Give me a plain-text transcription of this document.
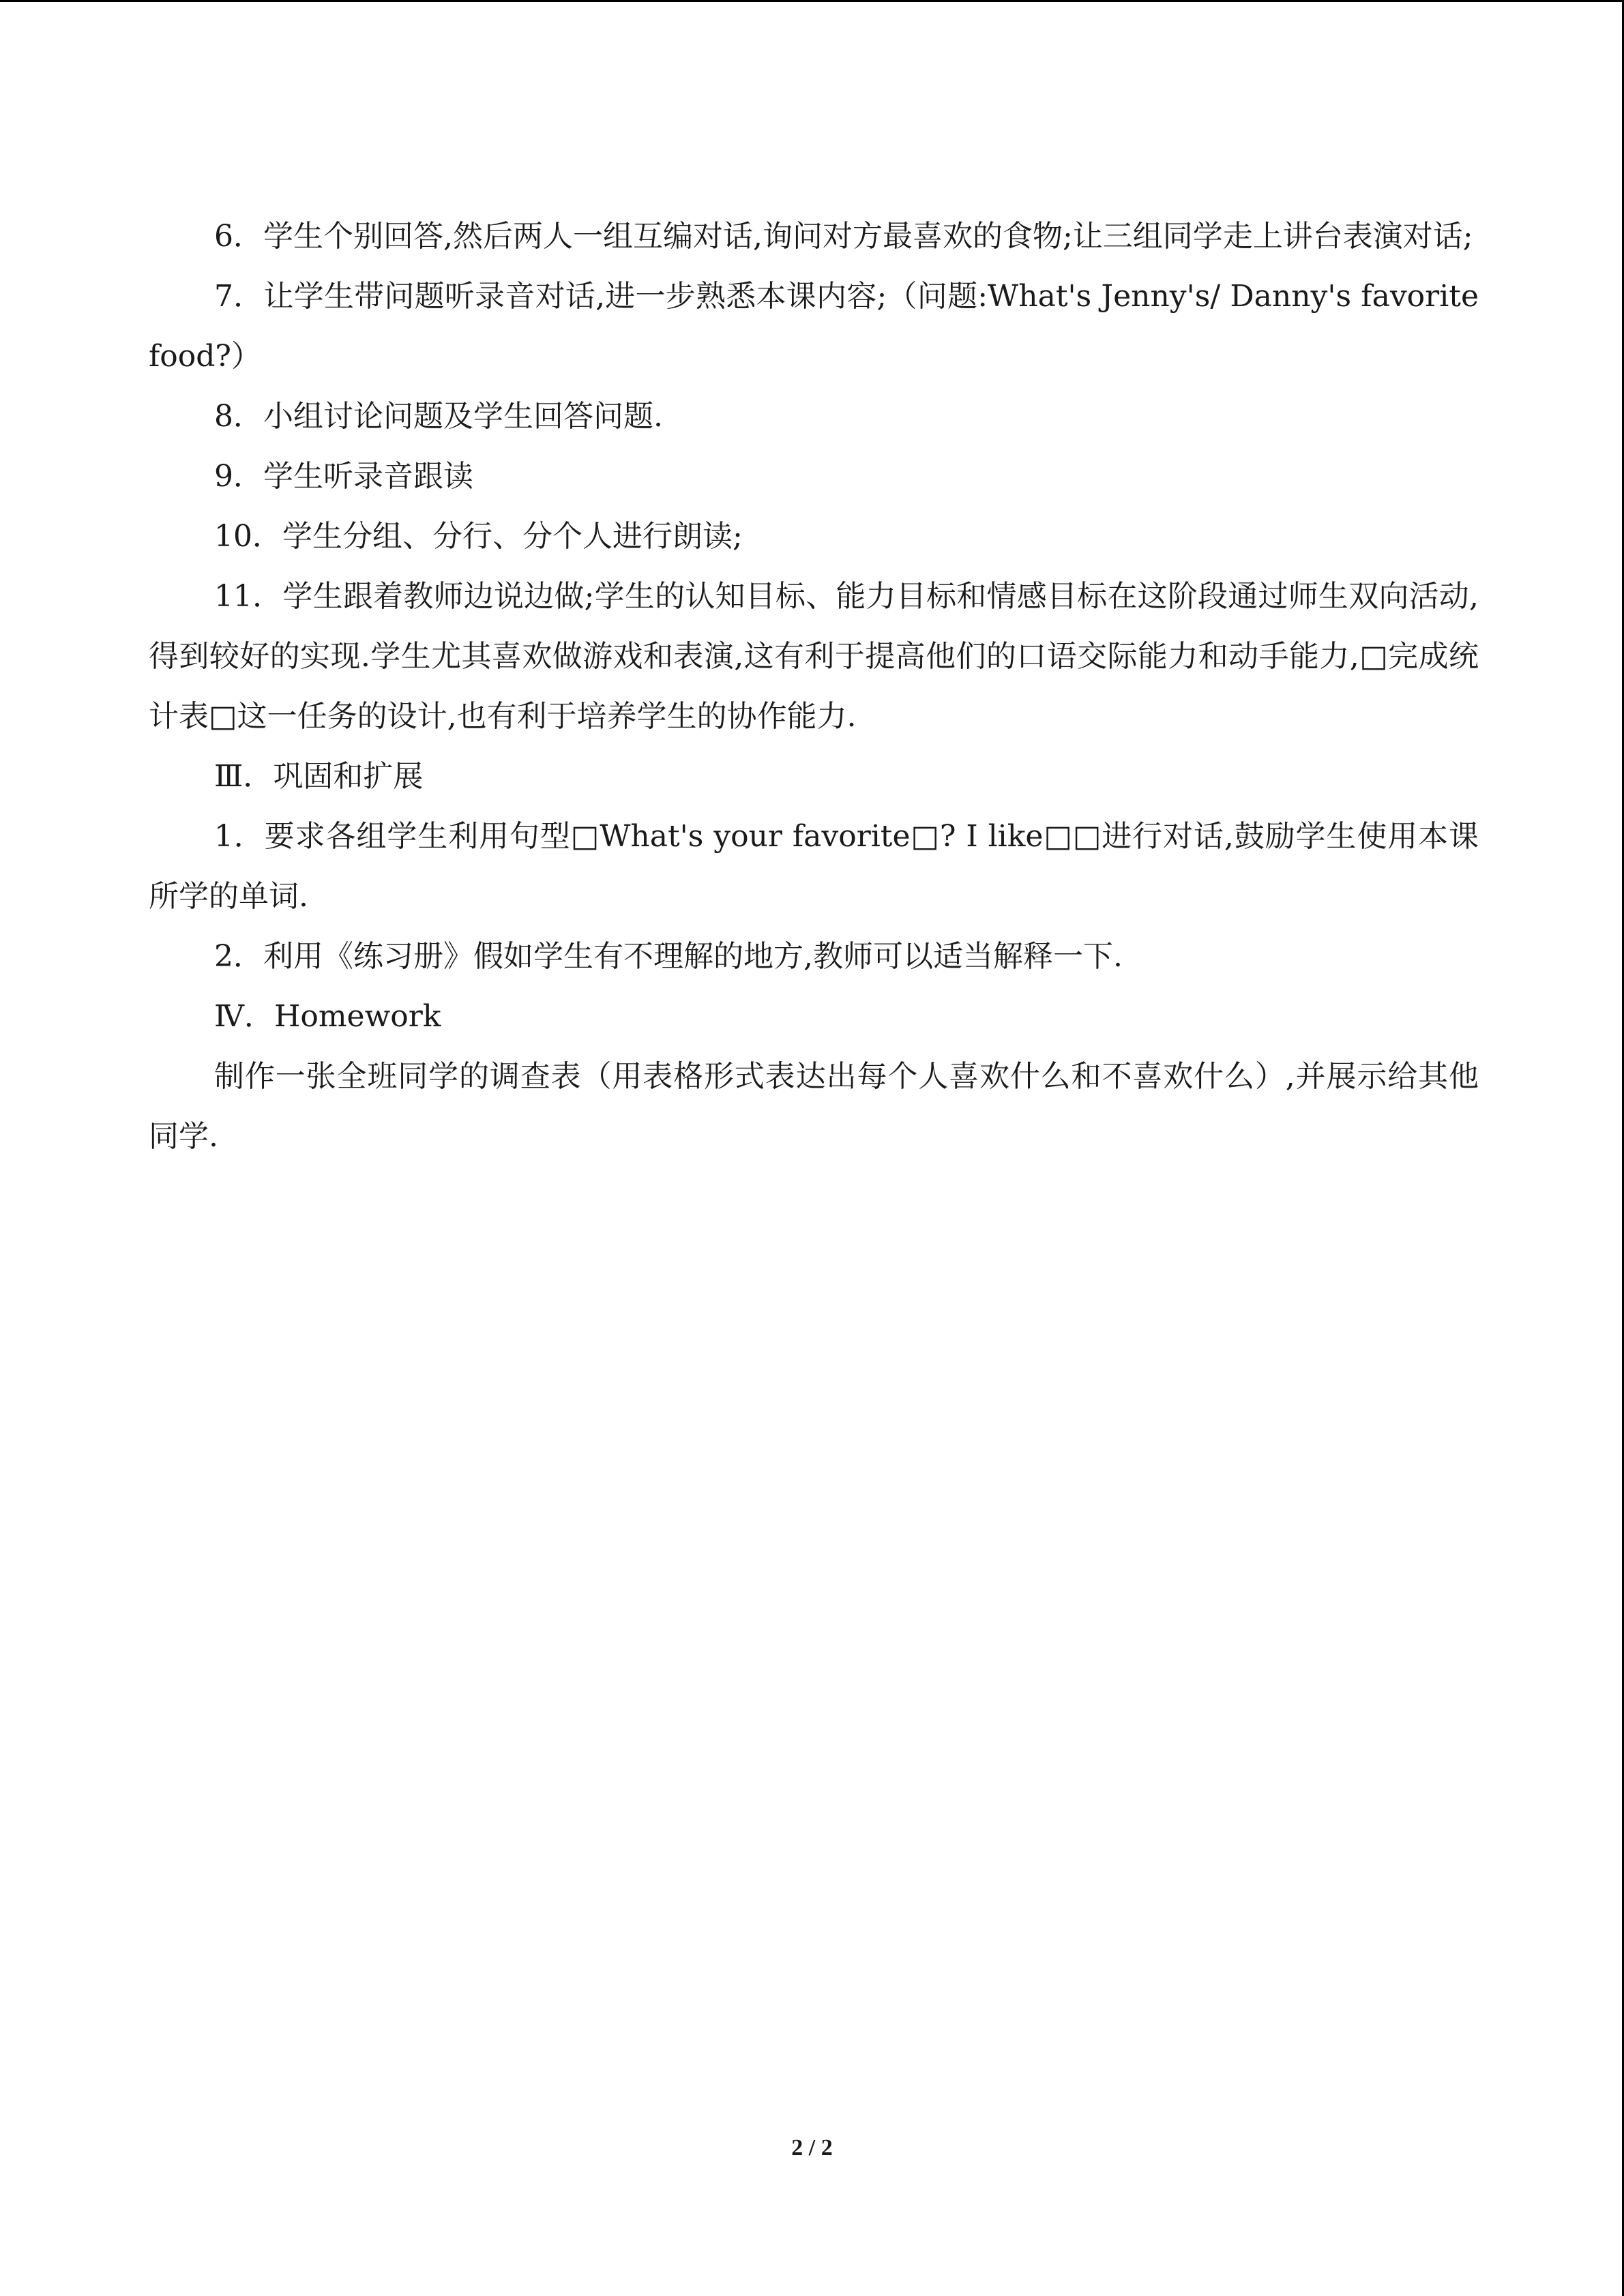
6．学生个别回答,然后两人一组互编对话,询问对方最喜欢的食物;让三组同学走上讲台表演对话;

7．让学生带问题听录音对话,进一步熟悉本课内容;（问题:What's Jenny's/ Danny's favorite food?）

8．小组讨论问题及学生回答问题.

9．学生听录音跟读

10．学生分组、分行、分个人进行朗读;

11．学生跟着教师边说边做;学生的认知目标、能力目标和情感目标在这阶段通过师生双向活动,得到较好的实现.学生尤其喜欢做游戏和表演,这有利于提高他们的口语交际能力和动手能力,□完成统计表□这一任务的设计,也有利于培养学生的协作能力.

Ⅲ．巩固和扩展

1．要求各组学生利用句型□What's your favorite□? I like□□进行对话,鼓励学生使用本课所学的单词.

2．利用《练习册》假如学生有不理解的地方,教师可以适当解释一下.

Ⅳ．Homework

制作一张全班同学的调查表（用表格形式表达出每个人喜欢什么和不喜欢什么）,并展示给其他同学.

2 / 2
